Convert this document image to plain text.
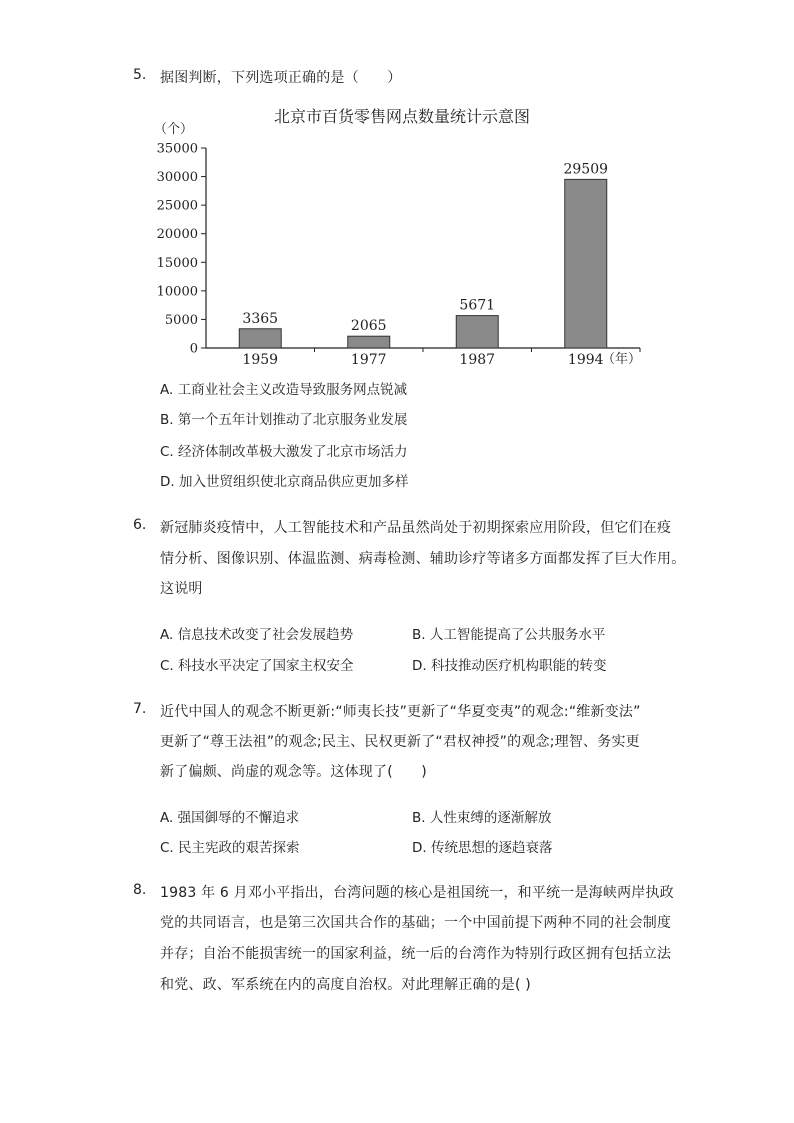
5. 据图判断，下列选项正确的是（　　）
北京市百货零售网点数量统计示意图
（个）
0
5000
10000
15000
20000
25000
30000
35000
3365	2065
5671
29509
1959	1977	1987	1994
（年）
A. 工商业社会主义改造导致服务网点锐减
B. 第一个五年计划推动了北京服务业发展
C. 经济体制改革极大激发了北京市场活力
D. 加入世贸组织使北京商品供应更加多样
6. 新冠肺炎疫情中，人工智能技术和产品虽然尚处于初期探索应用阶段，但它们在疫
情分析、图像识别、体温监测、病毒检测、辅助诊疗等诸多方面都发挥了巨大作用。
这说明
A. 信息技术改变了社会发展趋势	B. 人工智能提高了公共服务水平
C. 科技水平决定了国家主权安全	D. 科技推动医疗机构职能的转变
7. 近代中国人的观念不断更新:“师夷长技”更新了“华夏变夷”的观念:“维新变法”
更新了“尊王法祖”的观念;民主、民权更新了“君权神授”的观念;理智、务实更
新了偏颇、尚虚的观念等。这体现了(　　)
A. 强国御辱的不懈追求	B. 人性束缚的逐渐解放
C. 民主宪政的艰苦探索	D. 传统思想的逐趋衰落
8. 1983 年 6 月邓小平指出，台湾问题的核心是祖国统一，和平统一是海峡两岸执政
党的共同语言，也是第三次国共合作的基础；一个中国前提下两种不同的社会制度
并存；自治不能损害统一的国家利益，统一后的台湾作为特别行政区拥有包括立法
和党、政、军系统在内的高度自治权。对此理解正确的是( )
